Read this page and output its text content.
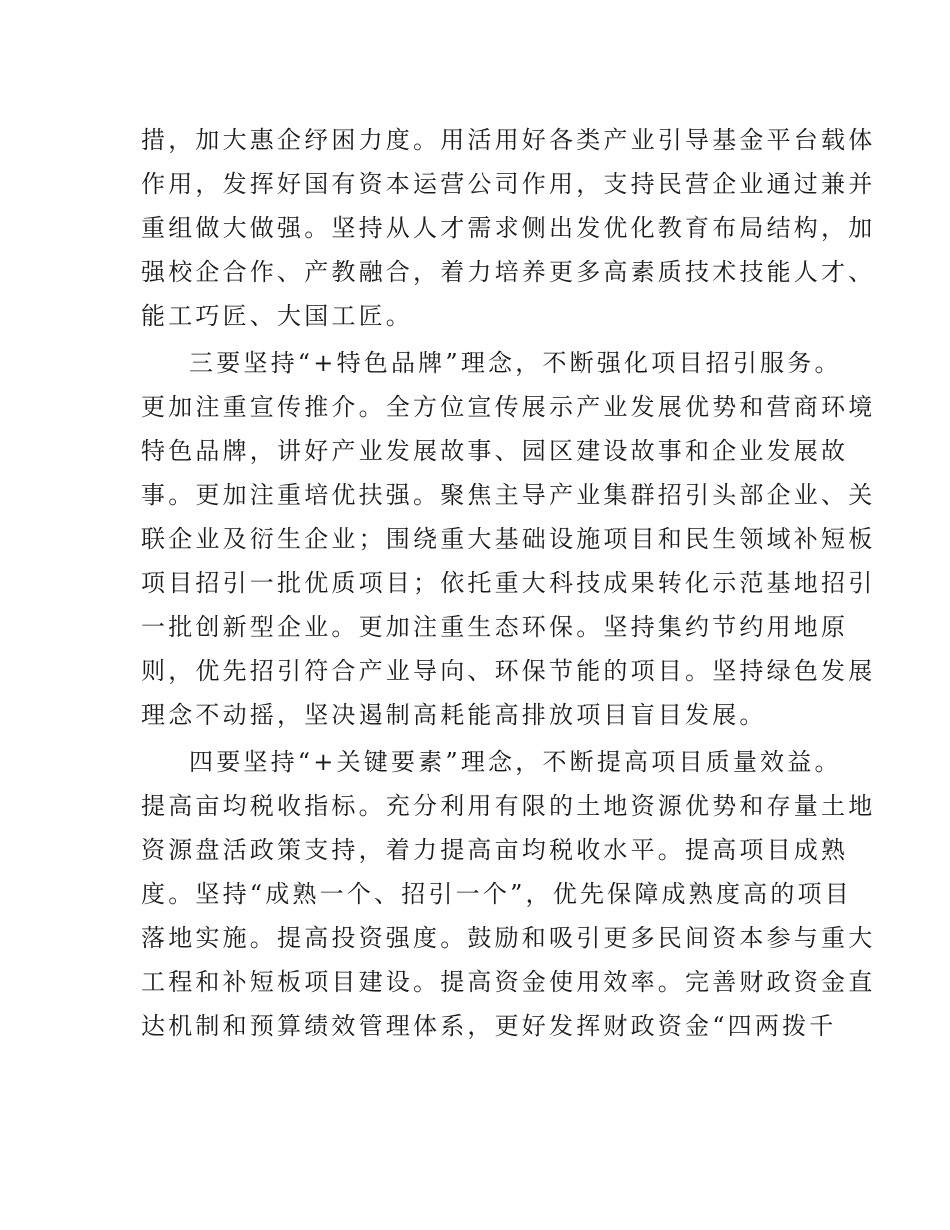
措，加大惠企纾困力度。用活用好各类产业引导基金平台载体
作用，发挥好国有资本运营公司作用，支持民营企业通过兼并
重组做大做强。坚持从人才需求侧出发优化教育布局结构，加
强校企合作、产教融合，着力培养更多高素质技术技能人才、
能工巧匠、大国工匠。
三要坚持“+特色品牌”理念，不断强化项目招引服务。
更加注重宣传推介。全方位宣传展示产业发展优势和营商环境
特色品牌，讲好产业发展故事、园区建设故事和企业发展故
事。更加注重培优扶强。聚焦主导产业集群招引头部企业、关
联企业及衍生企业；围绕重大基础设施项目和民生领域补短板
项目招引一批优质项目；依托重大科技成果转化示范基地招引
一批创新型企业。更加注重生态环保。坚持集约节约用地原
则，优先招引符合产业导向、环保节能的项目。坚持绿色发展
理念不动摇，坚决遏制高耗能高排放项目盲目发展。
四要坚持“+关键要素”理念，不断提高项目质量效益。
提高亩均税收指标。充分利用有限的土地资源优势和存量土地
资源盘活政策支持，着力提高亩均税收水平。提高项目成熟
度。坚持“成熟一个、招引一个”，优先保障成熟度高的项目
落地实施。提高投资强度。鼓励和吸引更多民间资本参与重大
工程和补短板项目建设。提高资金使用效率。完善财政资金直
达机制和预算绩效管理体系，更好发挥财政资金“四两拨千
